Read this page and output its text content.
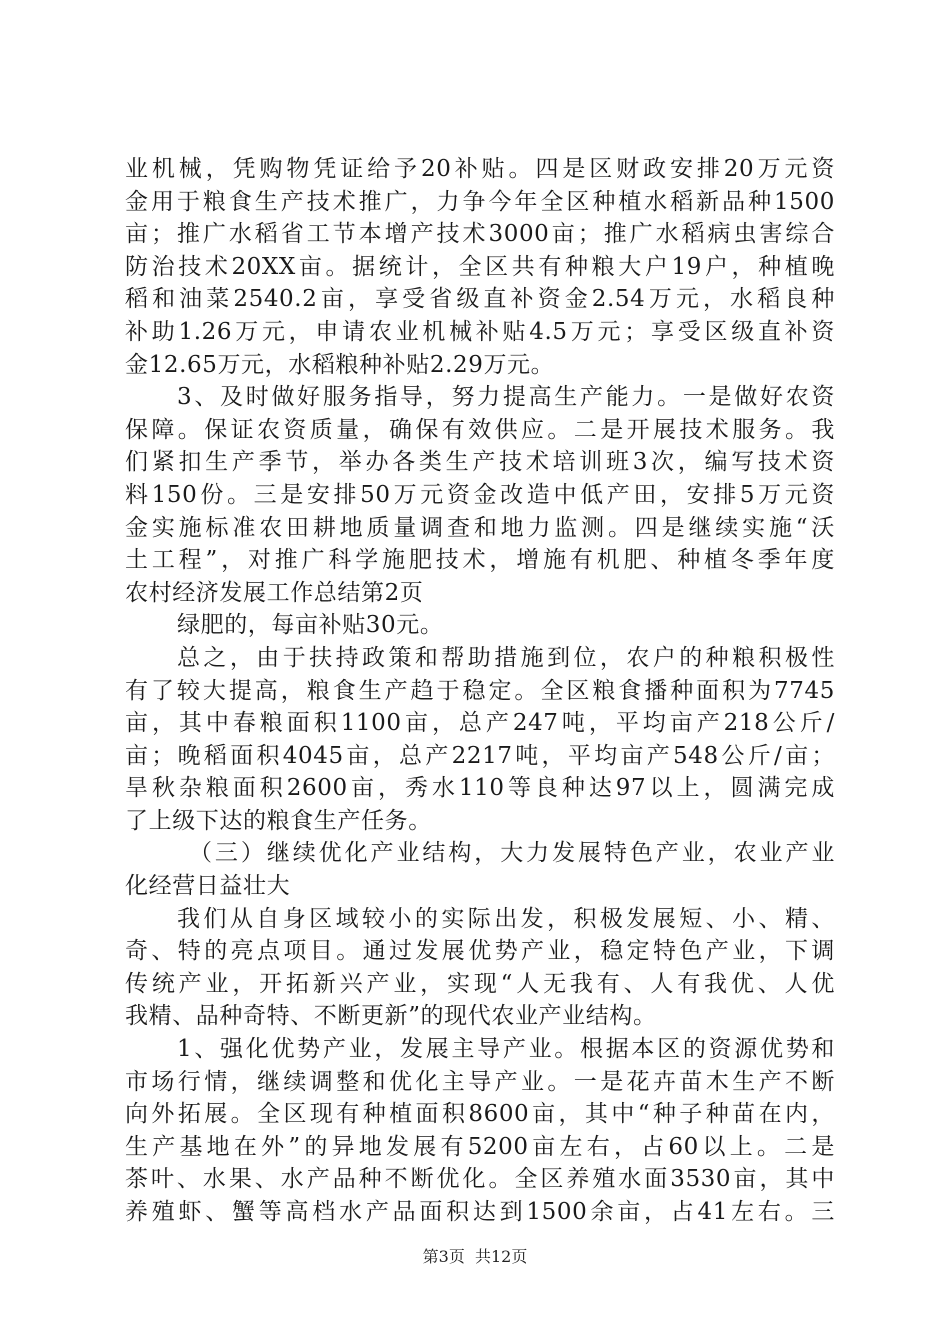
业机械，凭购物凭证给予20补贴。四是区财政安排20万元资
金用于粮食生产技术推广，力争今年全区种植水稻新品种1500
亩；推广水稻省工节本增产技术3000亩；推广水稻病虫害综合
防治技术20XX亩。据统计，全区共有种粮大户19户，种植晚
稻和油菜2540.2亩，享受省级直补资金2.54万元，水稻良种
补助1.26万元，申请农业机械补贴4.5万元；享受区级直补资
金12.65万元，水稻粮种补贴2.29万元。
3、及时做好服务指导，努力提高生产能力。一是做好农资
保障。保证农资质量，确保有效供应。二是开展技术服务。我
们紧扣生产季节，举办各类生产技术培训班3次，编写技术资
料150份。三是安排50万元资金改造中低产田，安排5万元资
金实施标准农田耕地质量调查和地力监测。四是继续实施“沃
土工程”，对推广科学施肥技术，增施有机肥、种植冬季年度
农村经济发展工作总结第2页
绿肥的，每亩补贴30元。
总之，由于扶持政策和帮助措施到位，农户的种粮积极性
有了较大提高，粮食生产趋于稳定。全区粮食播种面积为7745
亩，其中春粮面积1100亩，总产247吨，平均亩产218公斤/
亩；晚稻面积4045亩，总产2217吨，平均亩产548公斤/亩；
旱秋杂粮面积2600亩，秀水110等良种达97以上，圆满完成
了上级下达的粮食生产任务。
（三）继续优化产业结构，大力发展特色产业，农业产业
化经营日益壮大
我们从自身区域较小的实际出发，积极发展短、小、精、
奇、特的亮点项目。通过发展优势产业，稳定特色产业，下调
传统产业，开拓新兴产业，实现“人无我有、人有我优、人优
我精、品种奇特、不断更新”的现代农业产业结构。
1、强化优势产业，发展主导产业。根据本区的资源优势和
市场行情，继续调整和优化主导产业。一是花卉苗木生产不断
向外拓展。全区现有种植面积8600亩，其中“种子种苗在内，
生产基地在外”的异地发展有5200亩左右，占60以上。二是
茶叶、水果、水产品种不断优化。全区养殖水面3530亩，其中
养殖虾、蟹等高档水产品面积达到1500余亩，占41左右。三
第3页  共12页
